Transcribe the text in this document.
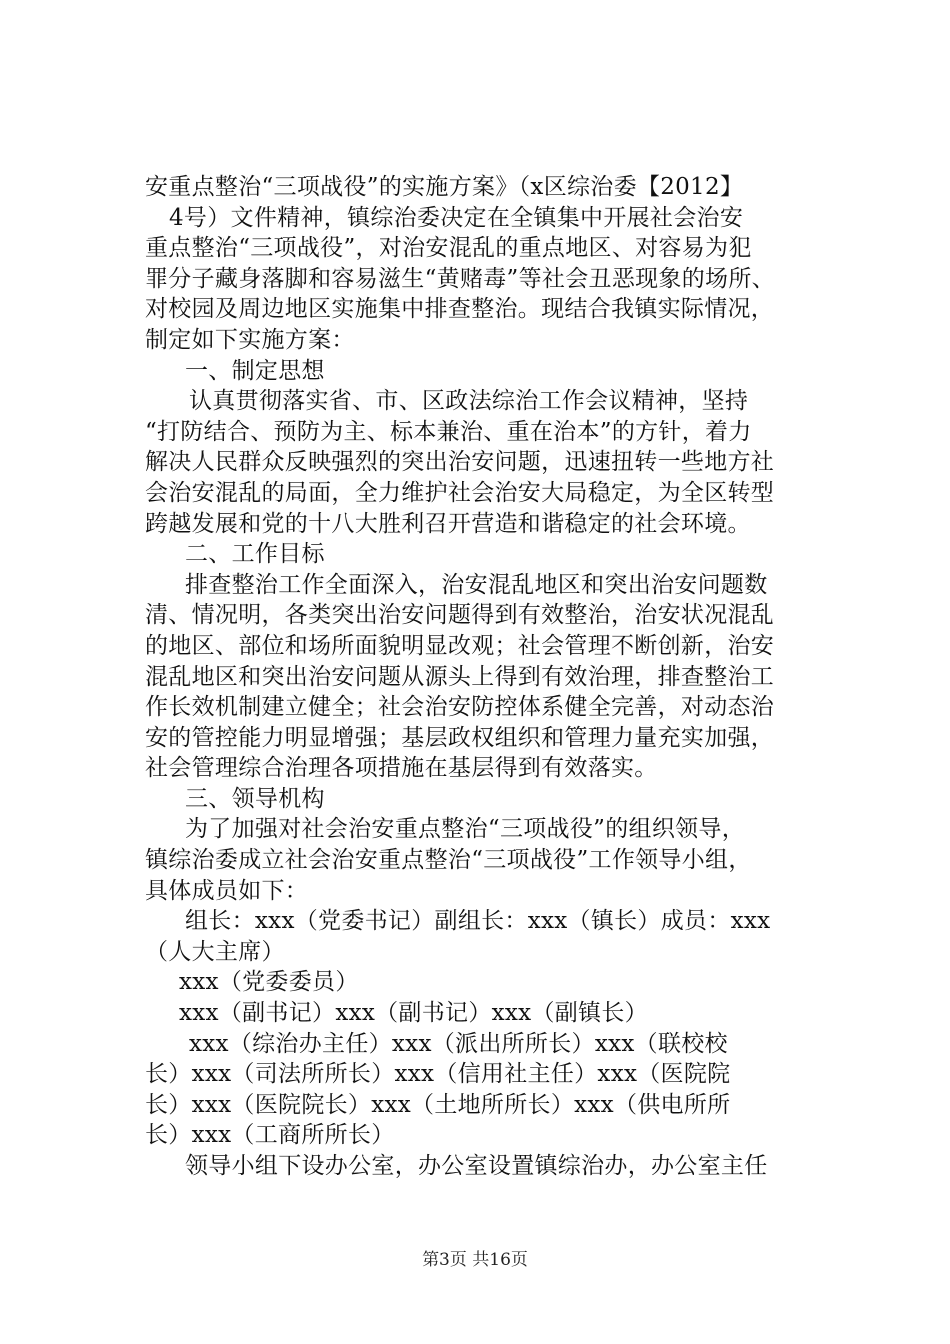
安重点整治“三项战役”的实施方案》（x区综治委【2012】
4号）文件精神，镇综治委决定在全镇集中开展社会治安
重点整治“三项战役”，对治安混乱的重点地区、对容易为犯
罪分子藏身落脚和容易滋生“黄赌毒”等社会丑恶现象的场所、
对校园及周边地区实施集中排查整治。现结合我镇实际情况，
制定如下实施方案：
一、制定思想
认真贯彻落实省、市、区政法综治工作会议精神，坚持
“打防结合、预防为主、标本兼治、重在治本”的方针，着力
解决人民群众反映强烈的突出治安问题，迅速扭转一些地方社
会治安混乱的局面，全力维护社会治安大局稳定，为全区转型
跨越发展和党的十八大胜利召开营造和谐稳定的社会环境。
二、工作目标
排查整治工作全面深入，治安混乱地区和突出治安问题数
清、情况明，各类突出治安问题得到有效整治，治安状况混乱
的地区、部位和场所面貌明显改观；社会管理不断创新，治安
混乱地区和突出治安问题从源头上得到有效治理，排查整治工
作长效机制建立健全；社会治安防控体系健全完善，对动态治
安的管控能力明显增强；基层政权组织和管理力量充实加强，
社会管理综合治理各项措施在基层得到有效落实。
三、领导机构
为了加强对社会治安重点整治“三项战役”的组织领导，
镇综治委成立社会治安重点整治“三项战役”工作领导小组，
具体成员如下：
组长：xxx（党委书记）副组长：xxx（镇长）成员：xxx
（人大主席）
xxx（党委委员）
xxx（副书记）xxx（副书记）xxx（副镇长）
xxx（综治办主任）xxx（派出所所长）xxx（联校校
长）xxx（司法所所长）xxx（信用社主任）xxx（医院院
长）xxx（医院院长）xxx（土地所所长）xxx（供电所所
长）xxx（工商所所长）
领导小组下设办公室，办公室设置镇综治办，办公室主任
第3页 共16页
